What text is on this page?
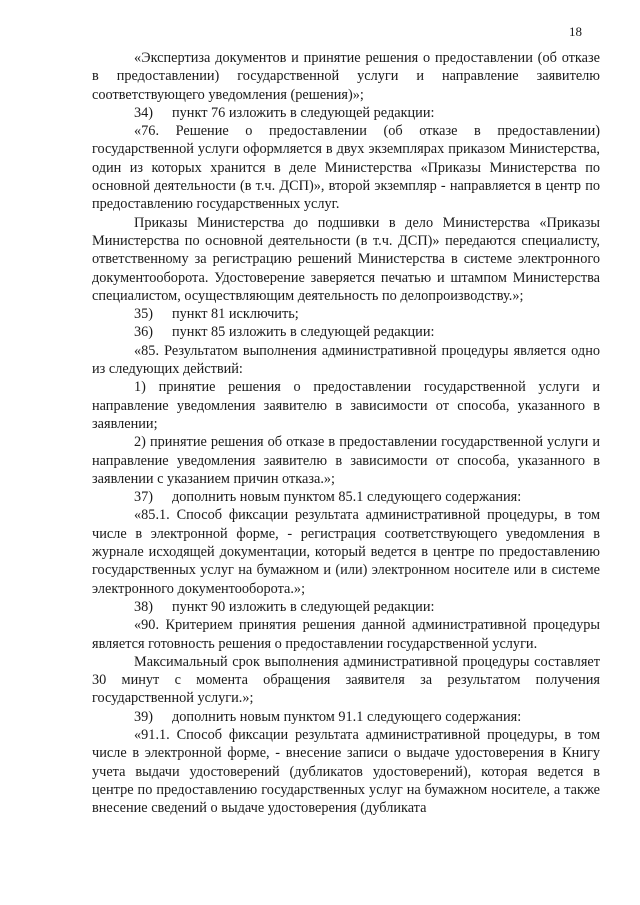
18

«Экспертиза документов и принятие решения о предоставлении (об отказе в предоставлении) государственной услуги и направление заявителю соответствующего уведомления (решения)»;

34) пункт 76 изложить в следующей редакции:

«76. Решение о предоставлении (об отказе в предоставлении) государственной услуги оформляется в двух экземплярах приказом Министерства, один из которых хранится в деле Министерства «Приказы Министерства по основной деятельности (в т.ч. ДСП)», второй экземпляр - направляется в центр по предоставлению государственных услуг.

Приказы Министерства до подшивки в дело Министерства «Приказы Министерства по основной деятельности (в т.ч. ДСП)» передаются специалисту, ответственному за регистрацию решений Министерства в системе электронного документооборота. Удостоверение заверяется печатью и штампом Министерства специалистом, осуществляющим деятельность по делопроизводству.»;

35) пункт 81 исключить;

36) пункт 85 изложить в следующей редакции:

«85. Результатом выполнения административной процедуры является одно из следующих действий:

1) принятие решения о предоставлении государственной услуги и направление уведомления заявителю в зависимости от способа, указанного в заявлении;

2) принятие решения об отказе в предоставлении государственной услуги и направление уведомления заявителю в зависимости от способа, указанного в заявлении с указанием причин отказа.»;

37) дополнить новым пунктом 85.1 следующего содержания:

«85.1. Способ фиксации результата административной процедуры, в том числе в электронной форме, - регистрация соответствующего уведомления в журнале исходящей документации, который ведется в центре по предоставлению государственных услуг на бумажном и (или) электронном носителе или в системе электронного документооборота.»;

38) пункт 90 изложить в следующей редакции:

«90. Критерием принятия решения данной административной процедуры является готовность решения о предоставлении государственной услуги.

Максимальный срок выполнения административной процедуры составляет 30 минут с момента обращения заявителя за результатом получения государственной услуги.»;

39) дополнить новым пунктом 91.1 следующего содержания:

«91.1. Способ фиксации результата административной процедуры, в том числе в электронной форме, - внесение записи о выдаче удостоверения в Книгу учета выдачи удостоверений (дубликатов удостоверений), которая ведется в центре по предоставлению государственных услуг на бумажном носителе, а также внесение сведений о выдаче удостоверения (дубликата
